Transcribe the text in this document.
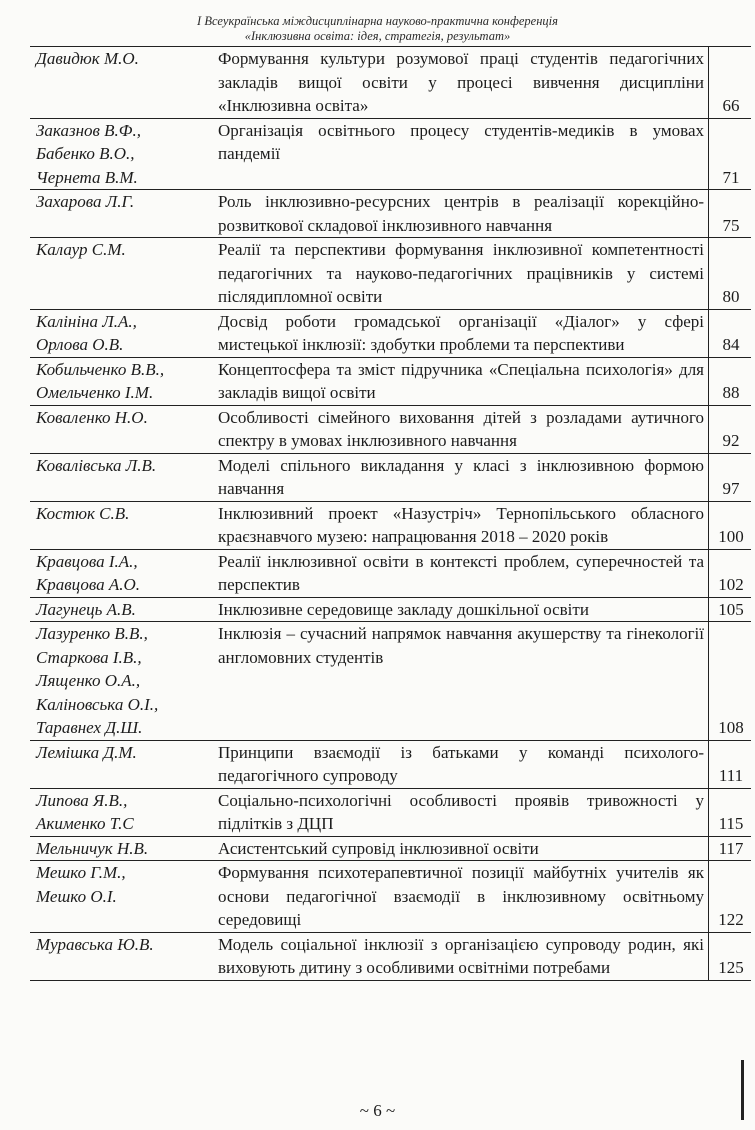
І Всеукраїнська міждисциплінарна науково-практична конференція
«Інклюзивна освіта: ідея, стратегія, результат»
Давидюк М.О.	Формування культури розумової праці студентів педагогічних закладів вищої освіти у процесі вивчення дисципліни «Інклюзивна освіта»	66

Заказнов В.Ф.,
Бабенко В.О.,
Чернета В.М.	Організація освітнього процесу студентів-медиків в умовах пандемії	71

Захарова Л.Г.	Роль інклюзивно-ресурсних центрів в реалізації корекційно-розвиткової складової інклюзивного навчання	75

Калаур С.М.	Реалії та перспективи формування інклюзивної компетентності педагогічних та науково-педагогічних працівників у системі післядипломної освіти	80

Калініна Л.А.,
Орлова О.В.	Досвід роботи громадської організації «Діалог» у сфері мистецької інклюзії: здобутки проблеми та перспективи	84

Кобильченко В.В.,
Омельченко І.М.	Концептосфера та зміст підручника «Спеціальна психологія» для закладів вищої освіти	88

Коваленко Н.О.	Особливості сімейного виховання дітей з розладами аутичного спектру в умовах інклюзивного навчання	92

Ковалівська Л.В.	Моделі спільного викладання у класі з інклюзивною формою навчання	97

Костюк С.В.	Інклюзивний проект «Назустріч» Тернопільського обласного краєзнавчого музею: напрацювання 2018 – 2020 років	100

Кравцова І.А.,
Кравцова А.О.	Реалії інклюзивної освіти в контексті проблем, суперечностей та перспектив	102

Лагунець А.В.	Інклюзивне середовище закладу дошкільної освіти	105

Лазуренко В.В.,
Старкова І.В.,
Лященко О.А.,
Каліновська О.І.,
Таравнех Д.Ш.	Інклюзія – сучасний напрямок навчання акушерству та гінекології англомовних студентів	108

Лемішка Д.М.	Принципи взаємодії із батьками у команді психолого-педагогічного супроводу	111

Липова Я.В.,
Акименко Т.С	Соціально-психологічні особливості проявів тривожності у підлітків з ДЦП	115

Мельничук Н.В.	Асистентський супровід інклюзивної освіти	117

Мешко Г.М.,
Мешко О.І.	Формування психотерапевтичної позиції майбутніх учителів як основи педагогічної взаємодії в інклюзивному освітньому середовищі	122

Муравська Ю.В.	Модель соціальної інклюзії з організацією супроводу родин, які виховують дитину з особливими освітніми потребами	125
~ 6 ~
